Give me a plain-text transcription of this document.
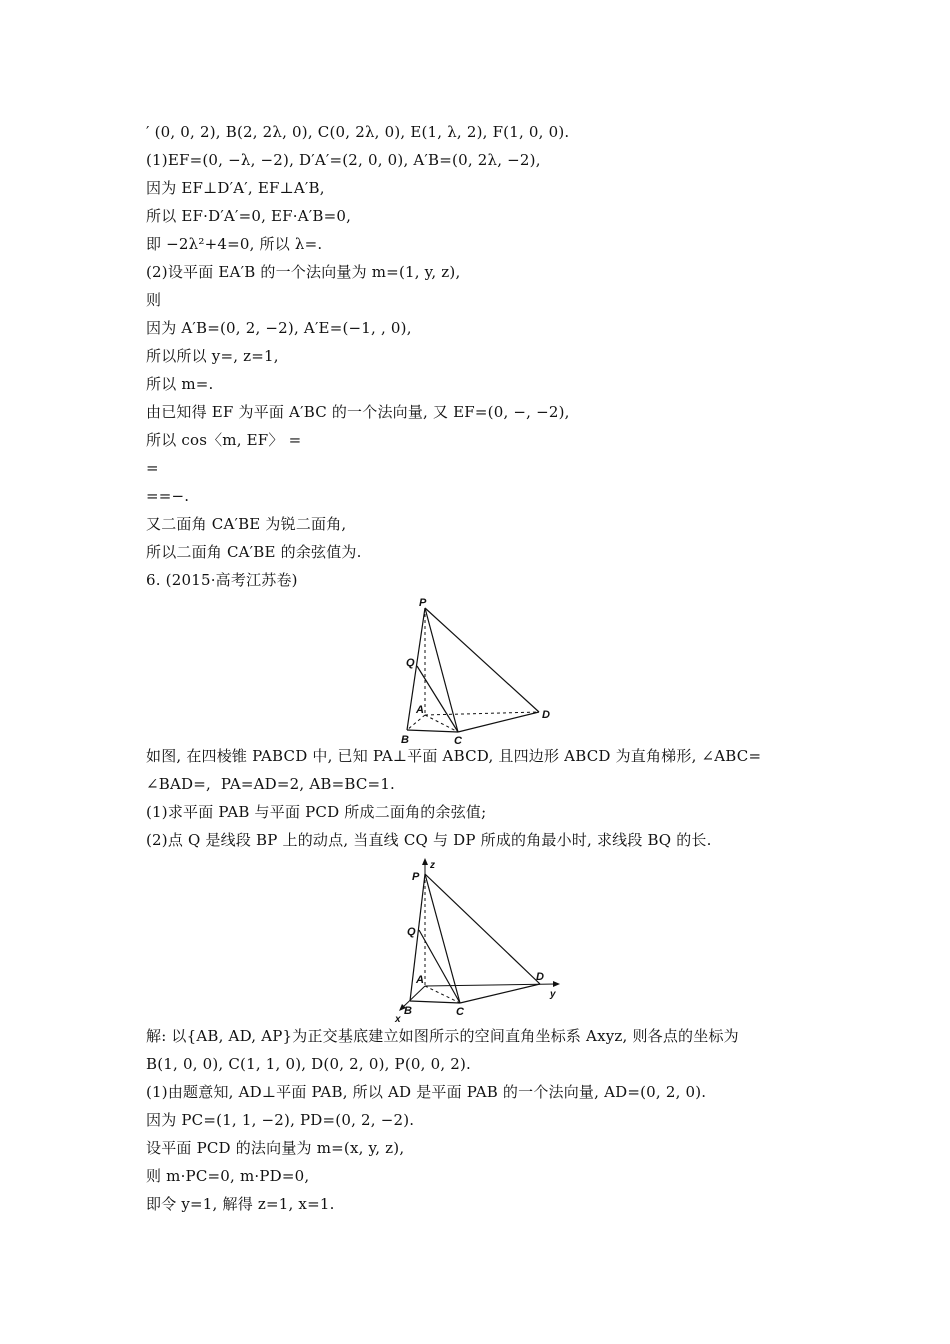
′ (0, 0, 2), B(2, 2λ, 0), C(0, 2λ, 0), E(1, λ, 2), F(1, 0, 0).
(1)EF=(0, −λ, −2), D′A′=(2, 0, 0), A′B=(0, 2λ, −2),
因为 EF⊥D′A′, EF⊥A′B,
所以 EF·D′A′=0, EF·A′B=0,
即 −2λ²+4=0, 所以 λ=.
(2)设平面 EA′B 的一个法向量为 m=(1, y, z),
则
因为 A′B=(0, 2, −2), A′E=(−1, , 0),
所以所以 y=, z=1,
所以 m=.
由已知得 EF 为平面 A′BC 的一个法向量, 又 EF=(0, −, −2),
所以 cos〈m, EF〉 =
=
==−.
又二面角 CA′BE 为锐二面角,
所以二面角 CA′BE 的余弦值为.
6. (2015·高考江苏卷)
P
Q
A
B	C
D
如图, 在四棱锥 PABCD 中, 已知 PA⊥平面 ABCD, 且四边形 ABCD 为直角梯形, ∠ABC=
∠BAD=,  PA=AD=2, AB=BC=1.
(1)求平面 PAB 与平面 PCD 所成二面角的余弦值;
(2)点 Q 是线段 BP 上的动点, 当直线 CQ 与 DP 所成的角最小时, 求线段 BQ 的长.
P
z
Q
A
B	C
D
y
x
解: 以{AB, AD, AP}为正交基底建立如图所示的空间直角坐标系 Axyz, 则各点的坐标为
B(1, 0, 0), C(1, 1, 0), D(0, 2, 0), P(0, 0, 2).
(1)由题意知, AD⊥平面 PAB, 所以 AD 是平面 PAB 的一个法向量, AD=(0, 2, 0).
因为 PC=(1, 1, −2), PD=(0, 2, −2).
设平面 PCD 的法向量为 m=(x, y, z),
则 m·PC=0, m·PD=0,
即令 y=1, 解得 z=1, x=1.
